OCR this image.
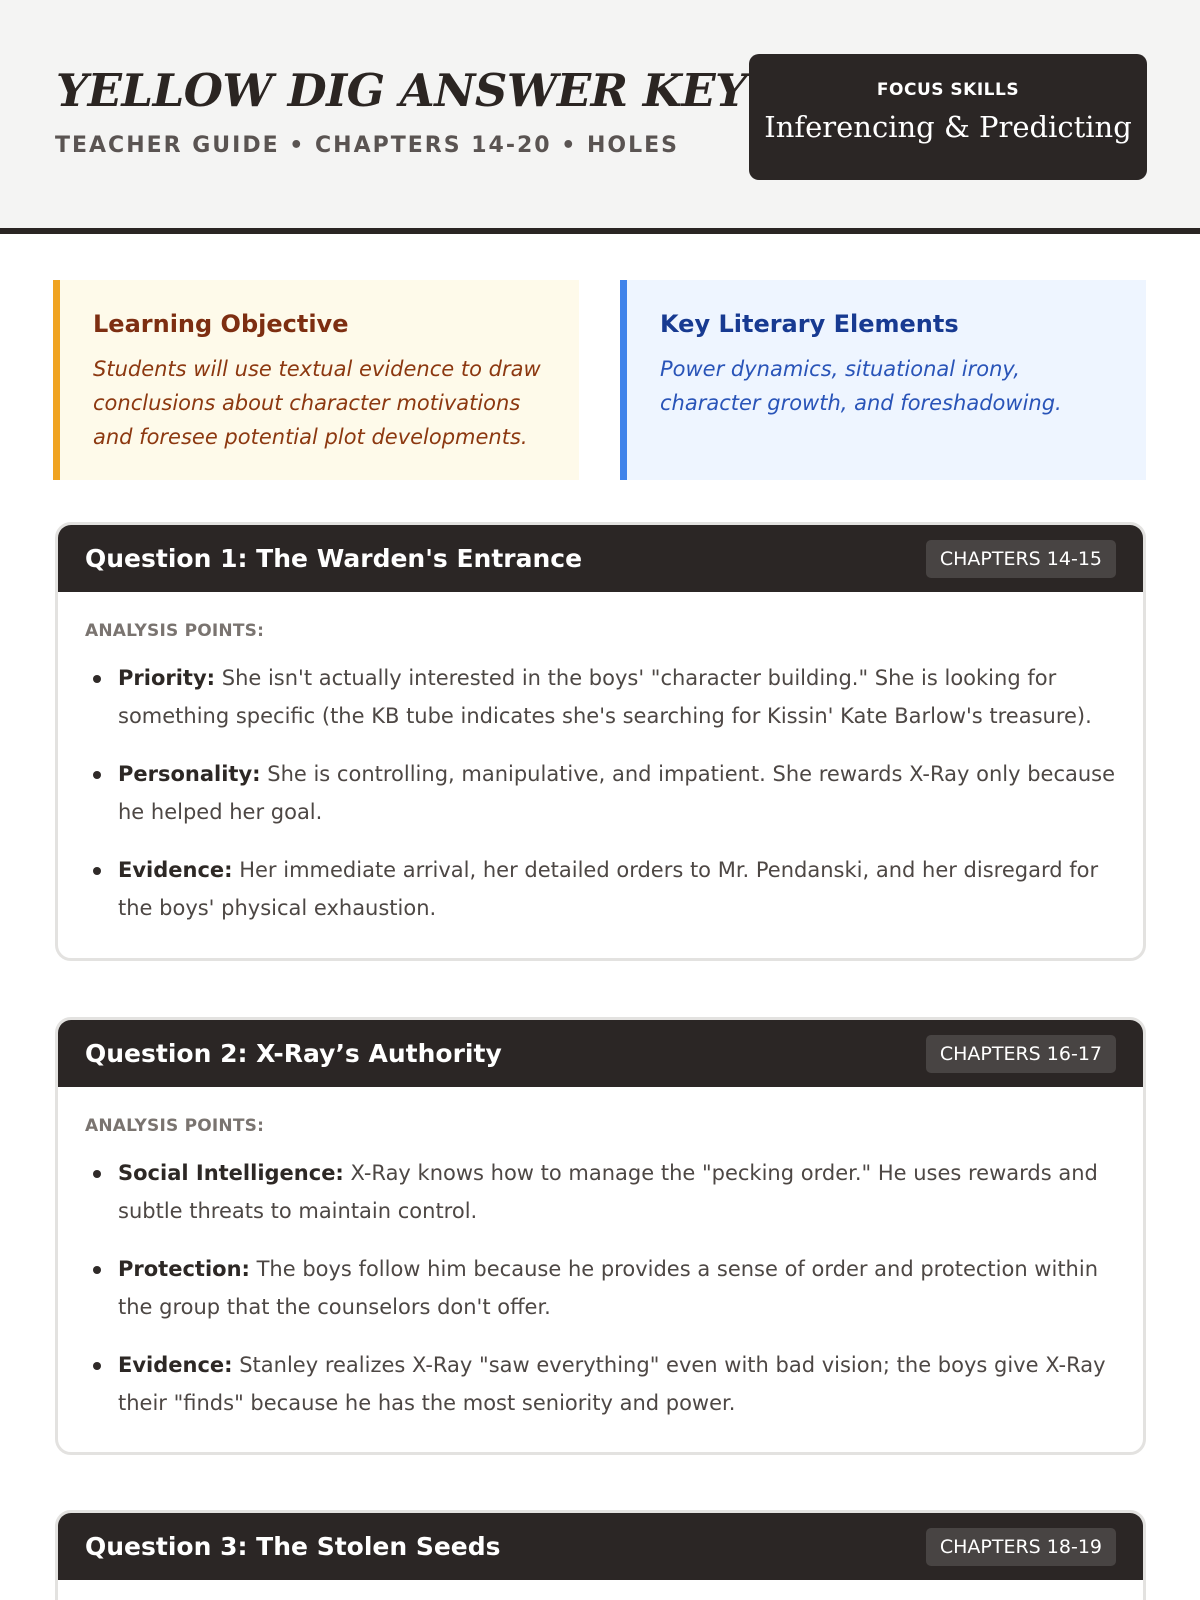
YELLOW DIG ANSWER KEY
TEACHER GUIDE • CHAPTERS 14-20 • HOLES
FOCUS SKILLS
Inferencing & Predicting
Learning Objective

Students will use textual evidence to draw conclusions about character motivations and foresee potential plot developments.

Key Literary Elements

Power dynamics, situational irony, character growth, and foreshadowing.

Question 1: The Warden's Entrance	CHAPTERS 14-15
ANALYSIS POINTS:
Priority: She isn't actually interested in the boys' "character building." She is looking for something specific (the KB tube indicates she's searching for Kissin' Kate Barlow's treasure).
Personality: She is controlling, manipulative, and impatient. She rewards X-Ray only because he helped her goal.
Evidence: Her immediate arrival, her detailed orders to Mr. Pendanski, and her disregard for the boys' physical exhaustion.
Question 2: X-Ray’s Authority	CHAPTERS 16-17
ANALYSIS POINTS:
Social Intelligence: X-Ray knows how to manage the "pecking order." He uses rewards and subtle threats to maintain control.
Protection: The boys follow him because he provides a sense of order and protection within the group that the counselors don't offer.
Evidence: Stanley realizes X-Ray "saw everything" even with bad vision; the boys give X-Ray their "finds" because he has the most seniority and power.
Question 3: The Stolen Seeds	CHAPTERS 18-19
